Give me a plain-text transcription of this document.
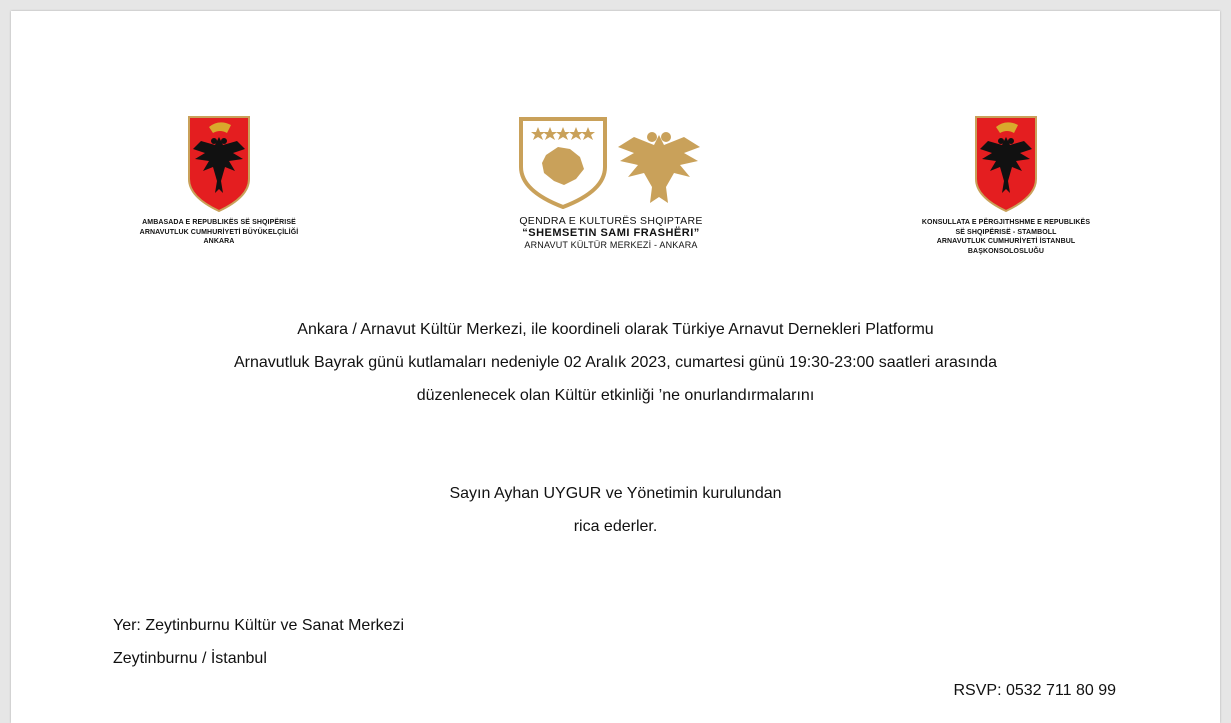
AMBASADA E REPUBLIKËS SË SHQIPËRISË
ARNAVUTLUK CUMHURİYETİ BÜYÜKELÇİLİĞİ
ANKARA
QENDRA E KULTURËS SHQIPTARE
“SHEMSETIN SAMI FRASHËRI”
ARNAVUT KÜLTÜR MERKEZİ - ANKARA
KONSULLATA E PËRGJITHSHME E REPUBLIKËS
SË SHQIPËRISË - STAMBOLL
ARNAVUTLUK CUMHURİYETİ İSTANBUL
BAŞKONSOLOSLUĞU
Ankara / Arnavut Kültür Merkezi, ile koordineli olarak Türkiye Arnavut Dernekleri Platformu
Arnavutluk Bayrak günü kutlamaları nedeniyle 02 Aralık 2023, cumartesi günü 19:30-23:00 saatleri arasında
düzenlenecek olan Kültür etkinliği ’ne onurlandırmalarını
Sayın Ayhan UYGUR ve Yönetimin kurulundan
rica ederler.
Yer: Zeytinburnu Kültür ve Sanat Merkezi
Zeytinburnu / İstanbul
RSVP: 0532 711 80 99
